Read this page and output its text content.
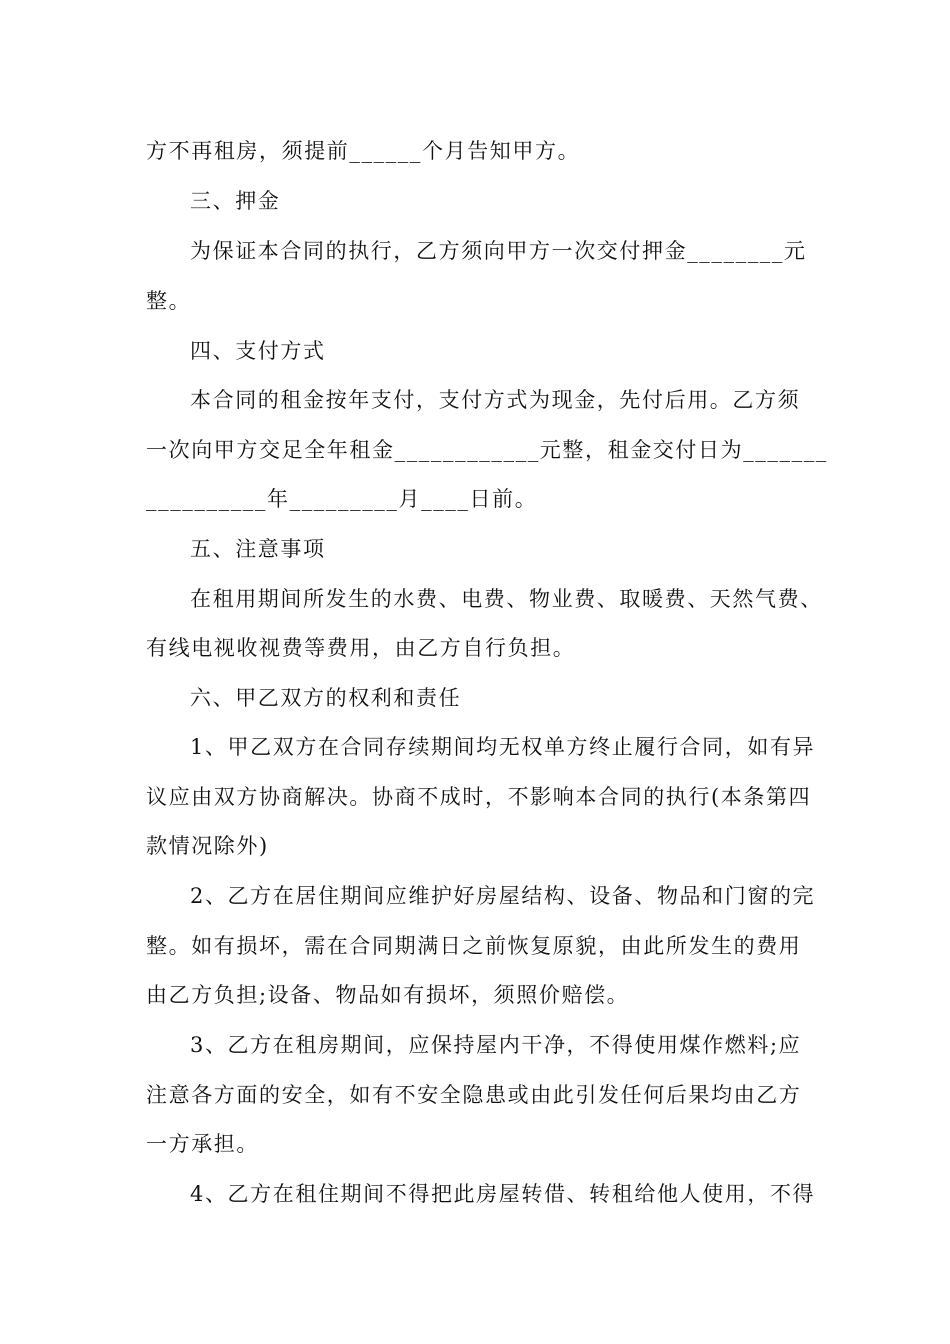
方不再租房，须提前______个月告知甲方。
三、押金
为保证本合同的执行，乙方须向甲方一次交付押金________元
整。
四、支付方式
本合同的租金按年支付，支付方式为现金，先付后用。乙方须
一次向甲方交足全年租金____________元整，租金交付日为_______
__________年_________月____日前。
五、注意事项
在租用期间所发生的水费、电费、物业费、取暖费、天然气费、
有线电视收视费等费用，由乙方自行负担。
六、甲乙双方的权利和责任
1、甲乙双方在合同存续期间均无权单方终止履行合同，如有异
议应由双方协商解决。协商不成时，不影响本合同的执行(本条第四
款情况除外)
2、乙方在居住期间应维护好房屋结构、设备、物品和门窗的完
整。如有损坏，需在合同期满日之前恢复原貌，由此所发生的费用
由乙方负担;设备、物品如有损坏，须照价赔偿。
3、乙方在租房期间，应保持屋内干净，不得使用煤作燃料;应
注意各方面的安全，如有不安全隐患或由此引发任何后果均由乙方
一方承担。
4、乙方在租住期间不得把此房屋转借、转租给他人使用，不得
